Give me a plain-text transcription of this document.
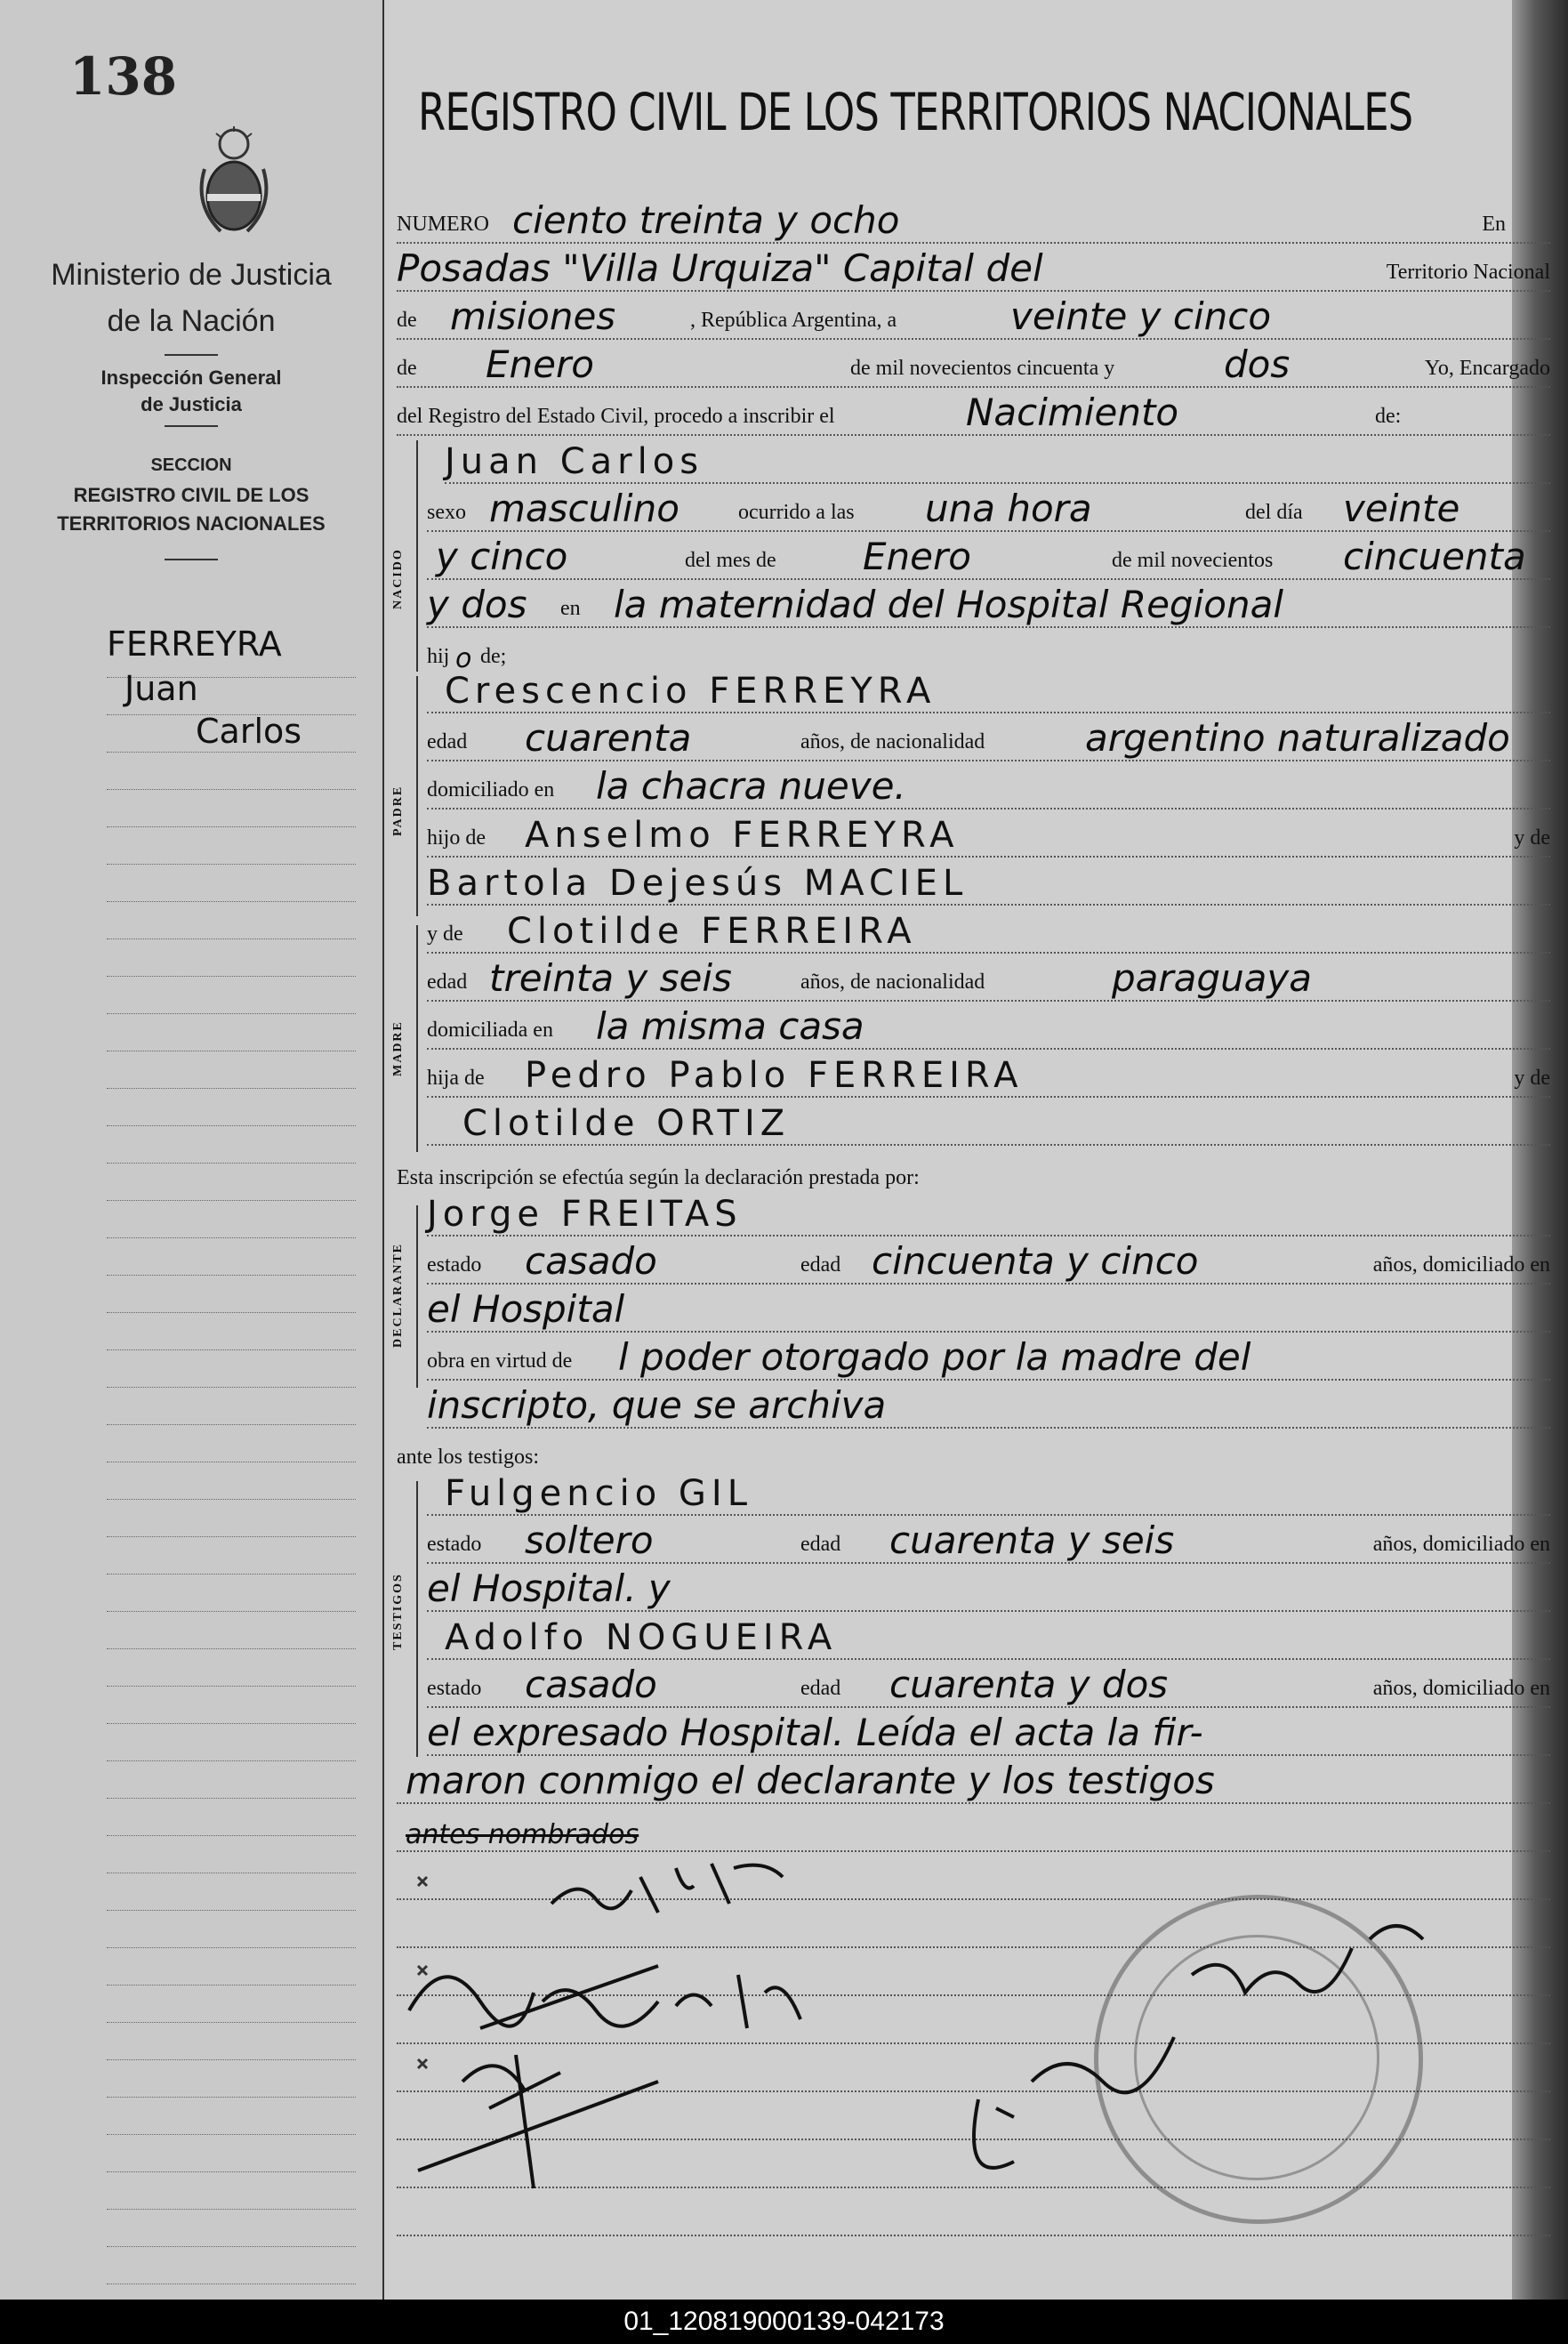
138
Ministerio de Justicia
de la Nación
Inspección General
de Justicia
SECCION
REGISTRO CIVIL DE LOS
TERRITORIOS NACIONALES
FERREYRA
Juan
Carlos
REGISTRO CIVIL DE LOS TERRITORIOS NACIONALES
NUMERO ciento treinta y ocho	En
Posadas "Villa Urquiza" Capital del	Territorio Nacional
de misiones	, República Argentina, a	veinte y cinco
de Enero	de mil novecientos cincuenta y	dos	Yo, Encargado
del Registro del Estado Civil, procedo a inscribir el	Nacimiento	de:
NACIDO
Juan Carlos
sexo masculino	ocurrido a las una hora	del día veinte
y cinco	del mes de Enero	de mil novecientos cincuenta
y dos en la maternidad del Hospital Regional
hij o de;
PADRE
Crescencio FERREYRA
edad cuarenta	años, de nacionalidad	argentino naturalizado
domiciliado en la chacra nueve.
hijo de Anselmo FERREYRA	y de
Bartola Dejesús MACIEL
MADRE
y de Clotilde FERREIRA
edad treinta y seis	años, de nacionalidad	paraguaya
domiciliada en la misma casa
hija de Pedro Pablo FERREIRA	y de
Clotilde ORTIZ
Esta inscripción se efectúa según la declaración prestada por:
DECLARANTE
Jorge FREITAS
estado casado	edad cincuenta y cinco	años, domiciliado en
el Hospital
obra en virtud de l poder otorgado por la madre del
inscripto, que se archiva
ante los testigos:
TESTIGOS
Fulgencio GIL
estado soltero	edad cuarenta y seis	años, domiciliado en
el Hospital. y
Adolfo NOGUEIRA
estado casado	edad cuarenta y dos	años, domiciliado en
el expresado Hospital. Leída el acta la fir-
maron conmigo el declarante y los testigos
antes nombrados
01_120819000139-042173
